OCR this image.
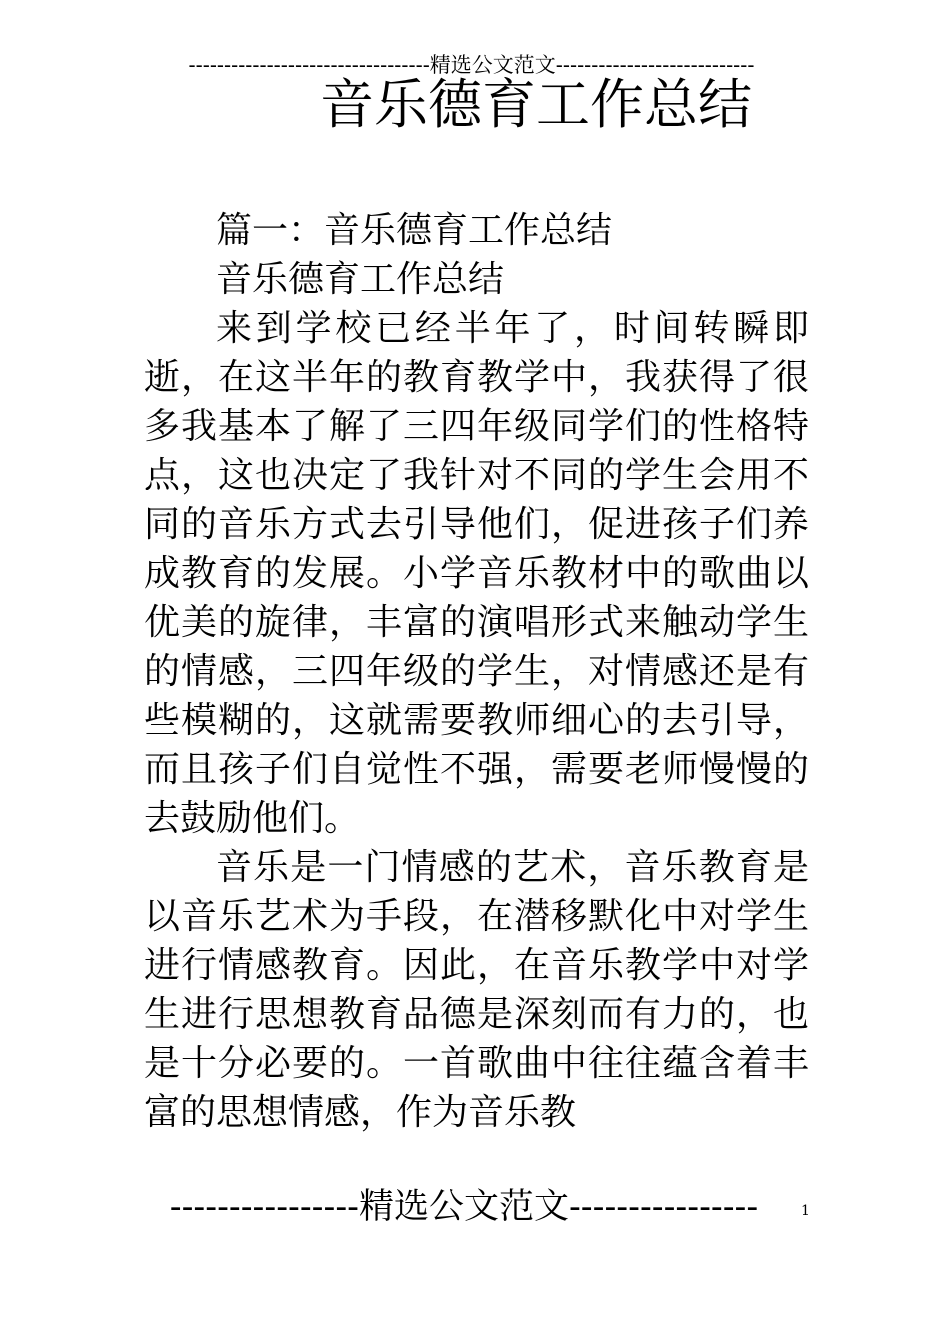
----------------------------------精选公文范文----------------------------
音乐德育工作总结

篇一：音乐德育工作总结

音乐德育工作总结

来到学校已经半年了，时间转瞬即逝，在这半年的教育教学中，我获得了很多我基本了解了三四年级同学们的性格特点，这也决定了我针对不同的学生会用不同的音乐方式去引导他们，促进孩子们养成教育的发展。小学音乐教材中的歌曲以优美的旋律，丰富的演唱形式来触动学生的情感，三四年级的学生，对情感还是有些模糊的，这就需要教师细心的去引导，而且孩子们自觉性不强，需要老师慢慢的去鼓励他们。

音乐是一门情感的艺术，音乐教育是以音乐艺术为手段，在潜移默化中对学生进行情感教育。因此，在音乐教学中对学生进行思想教育品德是深刻而有力的，也是十分必要的。一首歌曲中往往蕴含着丰富的思想情感，作为音乐教

----------------精选公文范文----------------	1
